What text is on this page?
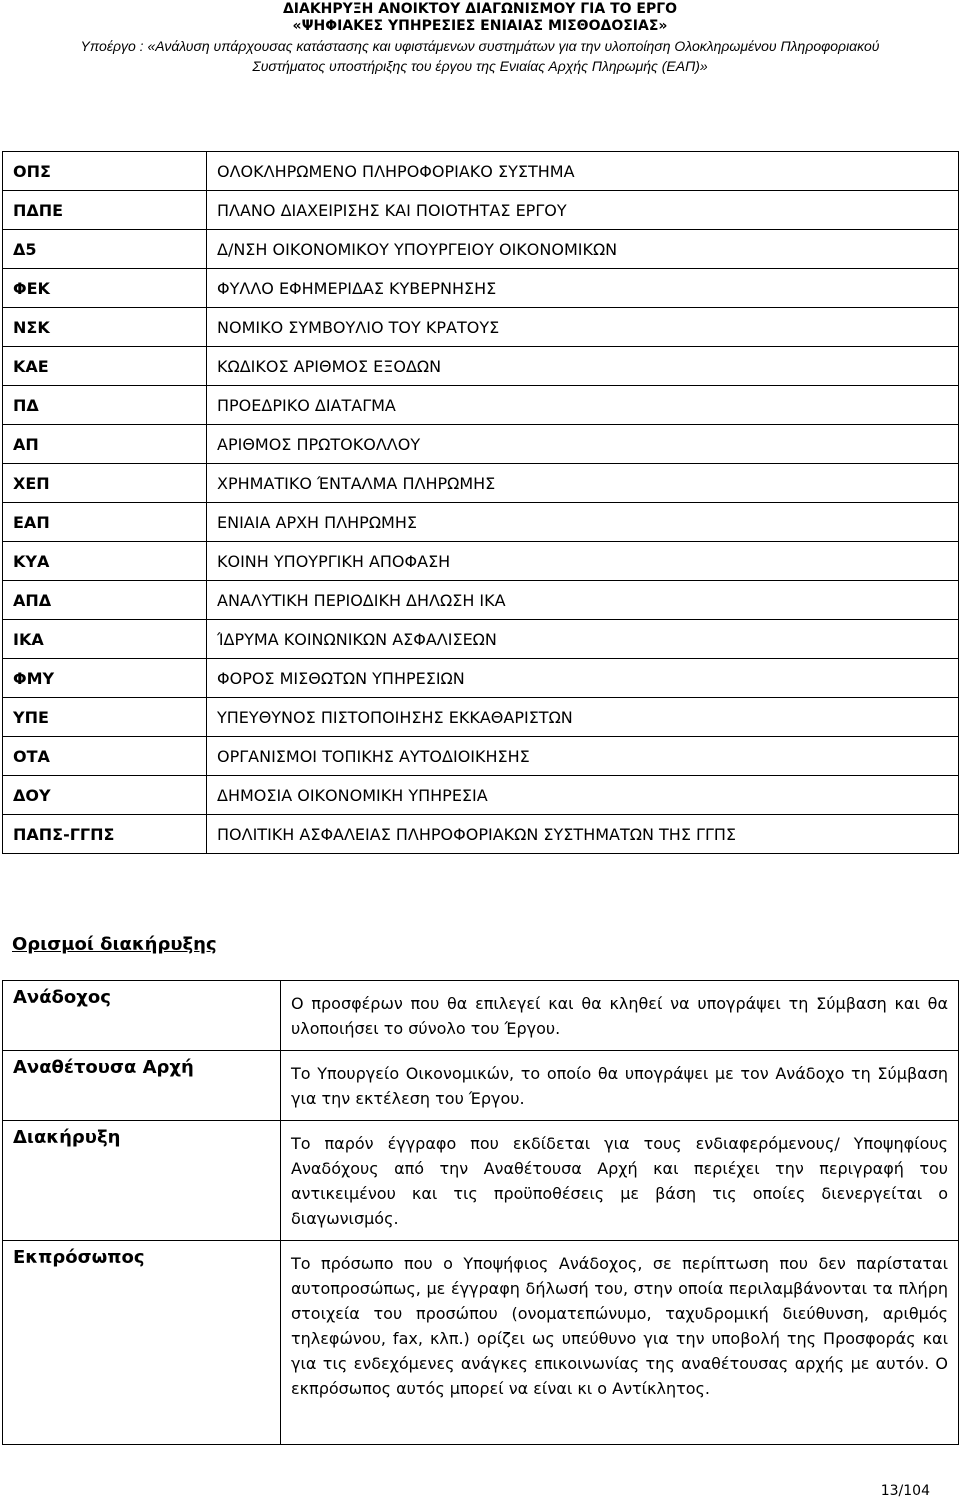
ΔΙΑΚΗΡΥΞΗ ΑΝΟΙΚΤΟΥ ΔΙΑΓΩΝΙΣΜΟΥ ΓΙΑ ΤΟ ΕΡΓΟ
«ΨΗΦΙΑΚΕΣ ΥΠΗΡΕΣΙΕΣ ΕΝΙΑΙΑΣ ΜΙΣΘΟΔΟΣΙΑΣ»
Υποέργο : «Ανάλυση υπάρχουσας κατάστασης και υφιστάμενων συστημάτων για την υλοποίηση Ολοκληρωμένου Πληροφοριακού
Συστήματος υποστήριξης του έργου της Ενιαίας Αρχής Πληρωμής (ΕΑΠ)»
ΟΠΣ	ΟΛΟΚΛΗΡΩΜΕΝΟ ΠΛΗΡΟΦΟΡΙΑΚΟ ΣΥΣΤΗΜΑ
ΠΔΠΕ	ΠΛΑΝΟ ΔΙΑΧΕΙΡΙΣΗΣ ΚΑΙ ΠΟΙΟΤΗΤΑΣ ΕΡΓΟΥ
Δ5	Δ/ΝΣΗ ΟΙΚΟΝΟΜΙΚΟΥ ΥΠΟΥΡΓΕΙΟΥ ΟΙΚΟΝΟΜΙΚΩΝ
ΦΕΚ	ΦΥΛΛΟ ΕΦΗΜΕΡΙΔΑΣ ΚΥΒΕΡΝΗΣΗΣ
ΝΣΚ	ΝΟΜΙΚΟ ΣΥΜΒΟΥΛΙΟ ΤΟΥ ΚΡΑΤΟΥΣ
ΚΑΕ	ΚΩΔΙΚΟΣ ΑΡΙΘΜΟΣ ΕΞΟΔΩΝ
ΠΔ	ΠΡΟΕΔΡΙΚΟ ΔΙΑΤΑΓΜΑ
ΑΠ	ΑΡΙΘΜΟΣ ΠΡΩΤΟΚΟΛΛΟΥ
ΧΕΠ	ΧΡΗΜΑΤΙΚΟ ΈΝΤΑΛΜΑ ΠΛΗΡΩΜΗΣ
ΕΑΠ	ΕΝΙΑΙΑ ΑΡΧΗ ΠΛΗΡΩΜΗΣ
ΚΥΑ	ΚΟΙΝΗ ΥΠΟΥΡΓΙΚΗ ΑΠΟΦΑΣΗ
ΑΠΔ	ΑΝΑΛΥΤΙΚΗ ΠΕΡΙΟΔΙΚΗ ΔΗΛΩΣΗ ΙΚΑ
ΙΚΑ	ΊΔΡΥΜΑ ΚΟΙΝΩΝΙΚΩΝ ΑΣΦΑΛΙΣΕΩΝ
ΦΜΥ	ΦΟΡΟΣ ΜΙΣΘΩΤΩΝ ΥΠΗΡΕΣΙΩΝ
ΥΠΕ	ΥΠΕΥΘΥΝΟΣ ΠΙΣΤΟΠΟΙΗΣΗΣ ΕΚΚΑΘΑΡΙΣΤΩΝ
ΟΤΑ	ΟΡΓΑΝΙΣΜΟΙ ΤΟΠΙΚΗΣ ΑΥΤΟΔΙΟΙΚΗΣΗΣ
ΔΟΥ	ΔΗΜΟΣΙΑ ΟΙΚΟΝΟΜΙΚΗ ΥΠΗΡΕΣΙΑ
ΠΑΠΣ-ΓΓΠΣ	ΠΟΛΙΤΙΚΗ ΑΣΦΑΛΕΙΑΣ ΠΛΗΡΟΦΟΡΙΑΚΩΝ ΣΥΣΤΗΜΑΤΩΝ ΤΗΣ ΓΓΠΣ
Ορισμοί διακήρυξης
Ανάδοχος	Ο προσφέρων που θα επιλεγεί και θα κληθεί να υπογράψει τη Σύμβαση και θα υλοποιήσει το σύνολο του Έργου.
Αναθέτουσα Αρχή	Το Υπουργείο Οικονομικών, το οποίο θα υπογράψει με τον Ανάδοχο τη Σύμβαση για την εκτέλεση του Έργου.
Διακήρυξη	Το παρόν έγγραφο που εκδίδεται για τους ενδιαφερόμενους/ Υποψηφίους Αναδόχους από την Αναθέτουσα Αρχή και περιέχει την περιγραφή του αντικειμένου και τις προϋποθέσεις με βάση τις οποίες διενεργείται ο διαγωνισμός.
Εκπρόσωπος	Το πρόσωπο που ο Υποψήφιος Ανάδοχος, σε περίπτωση που δεν παρίσταται αυτοπροσώπως, με έγγραφη δήλωσή του, στην οποία περιλαμβάνονται τα πλήρη στοιχεία του προσώπου (ονοματεπώνυμο, ταχυδρομική διεύθυνση, αριθμός τηλεφώνου, fax, κλπ.) ορίζει ως υπεύθυνο για την υποβολή της Προσφοράς και για τις ενδεχόμενες ανάγκες επικοινωνίας της αναθέτουσας αρχής με αυτόν. Ο εκπρόσωπος αυτός μπορεί να είναι κι ο Αντίκλητος.
13/104
